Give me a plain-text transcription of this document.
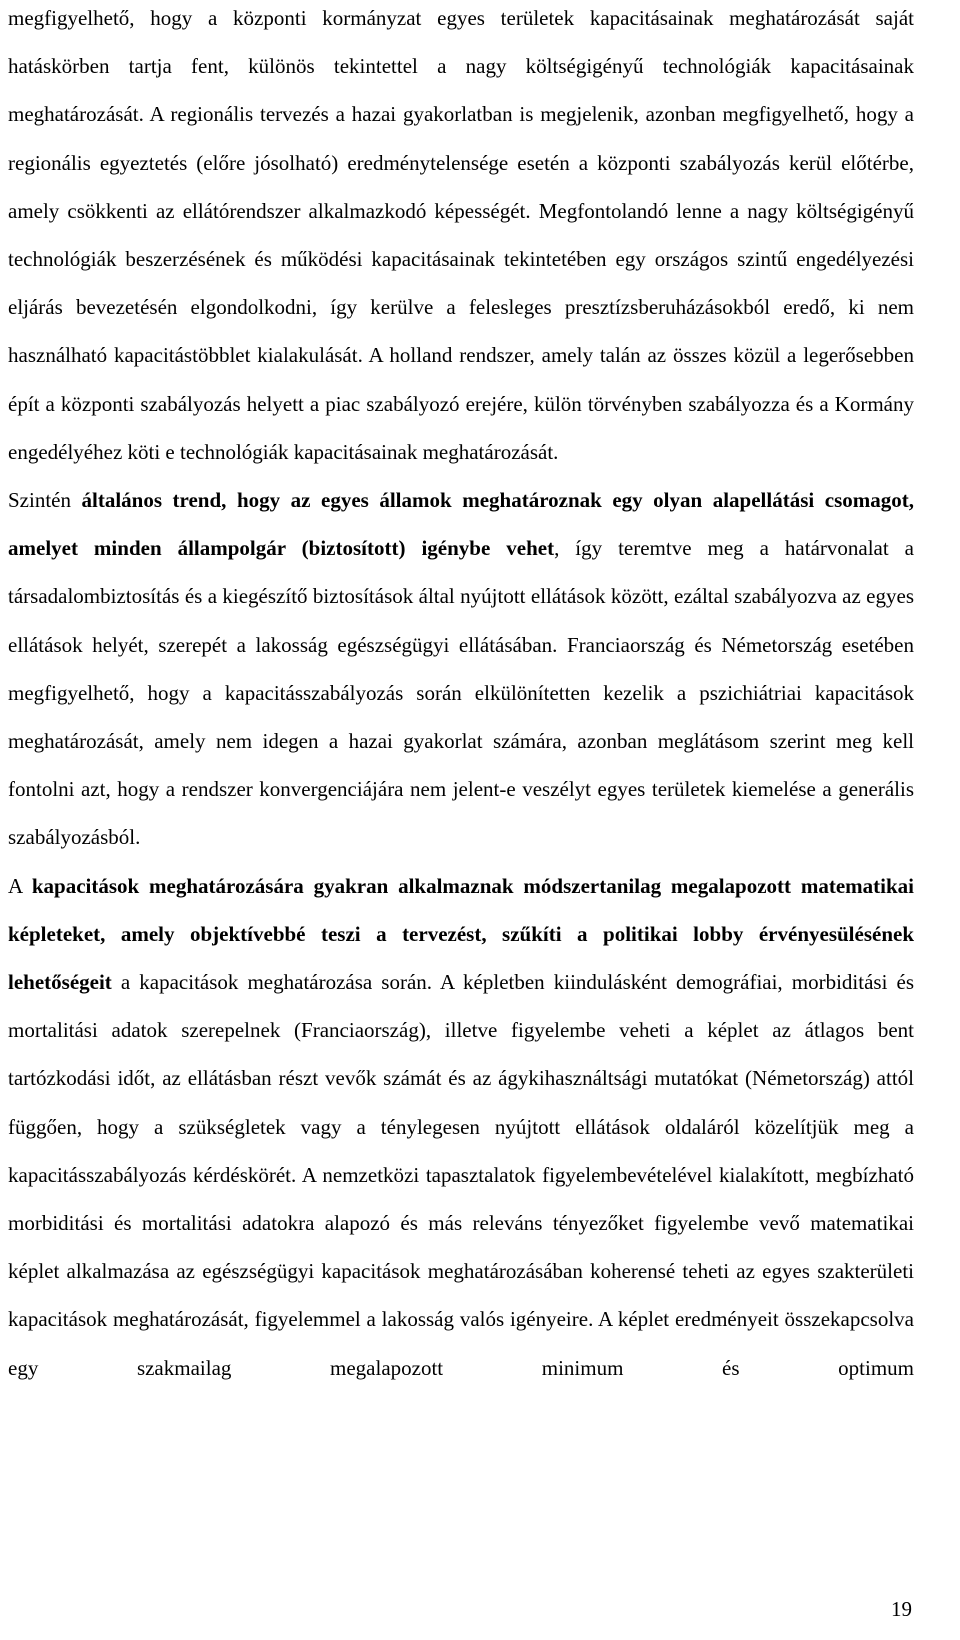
megfigyelhető, hogy a központi kormányzat egyes területek kapacitásainak meghatározását saját hatáskörben tartja fent, különös tekintettel a nagy költségigényű technológiák kapacitásainak meghatározását. A regionális tervezés a hazai gyakorlatban is megjelenik, azonban megfigyelhető, hogy a regionális egyeztetés (előre jósolható) eredménytelensége esetén a központi szabályozás kerül előtérbe, amely csökkenti az ellátórendszer alkalmazkodó képességét. Megfontolandó lenne a nagy költségigényű technológiák beszerzésének és működési kapacitásainak tekintetében egy országos szintű engedélyezési eljárás bevezetésén elgondolkodni, így kerülve a felesleges presztízsberuházásokból eredő, ki nem használható kapacitástöbblet kialakulását. A holland rendszer, amely talán az összes közül a legerősebben épít a központi szabályozás helyett a piac szabályozó erejére, külön törvényben szabályozza és a Kormány engedélyéhez köti e technológiák kapacitásainak meghatározását.

Szintén általános trend, hogy az egyes államok meghatároznak egy olyan alapellátási csomagot, amelyet minden állampolgár (biztosított) igénybe vehet, így teremtve meg a határvonalat a társadalombiztosítás és a kiegészítő biztosítások által nyújtott ellátások között, ezáltal szabályozva az egyes ellátások helyét, szerepét a lakosság egészségügyi ellátásában. Franciaország és Németország esetében megfigyelhető, hogy a kapacitásszabályozás során elkülönítetten kezelik a pszichiátriai kapacitások meghatározását, amely nem idegen a hazai gyakorlat számára, azonban meglátásom szerint meg kell fontolni azt, hogy a rendszer konvergenciájára nem jelent-e veszélyt egyes területek kiemelése a generális szabályozásból.

A kapacitások meghatározására gyakran alkalmaznak módszertanilag megalapozott matematikai képleteket, amely objektívebbé teszi a tervezést, szűkíti a politikai lobby érvényesülésének lehetőségeit a kapacitások meghatározása során. A képletben kiindulásként demográfiai, morbiditási és mortalitási adatok szerepelnek (Franciaország), illetve figyelembe veheti a képlet az átlagos bent tartózkodási időt, az ellátásban részt vevők számát és az ágykihasználtsági mutatókat (Németország) attól függően, hogy a szükségletek vagy a ténylegesen nyújtott ellátások oldaláról közelítjük meg a kapacitásszabályozás kérdéskörét. A nemzetközi tapasztalatok figyelembevételével kialakított, megbízható morbiditási és mortalitási adatokra alapozó és más releváns tényezőket figyelembe vevő matematikai képlet alkalmazása az egészségügyi kapacitások meghatározásában koherensé teheti az egyes szakterületi kapacitások meghatározását, figyelemmel a lakosság valós igényeire. A képlet eredményeit összekapcsolva egy szakmailag megalapozott minimum és optimum

19
